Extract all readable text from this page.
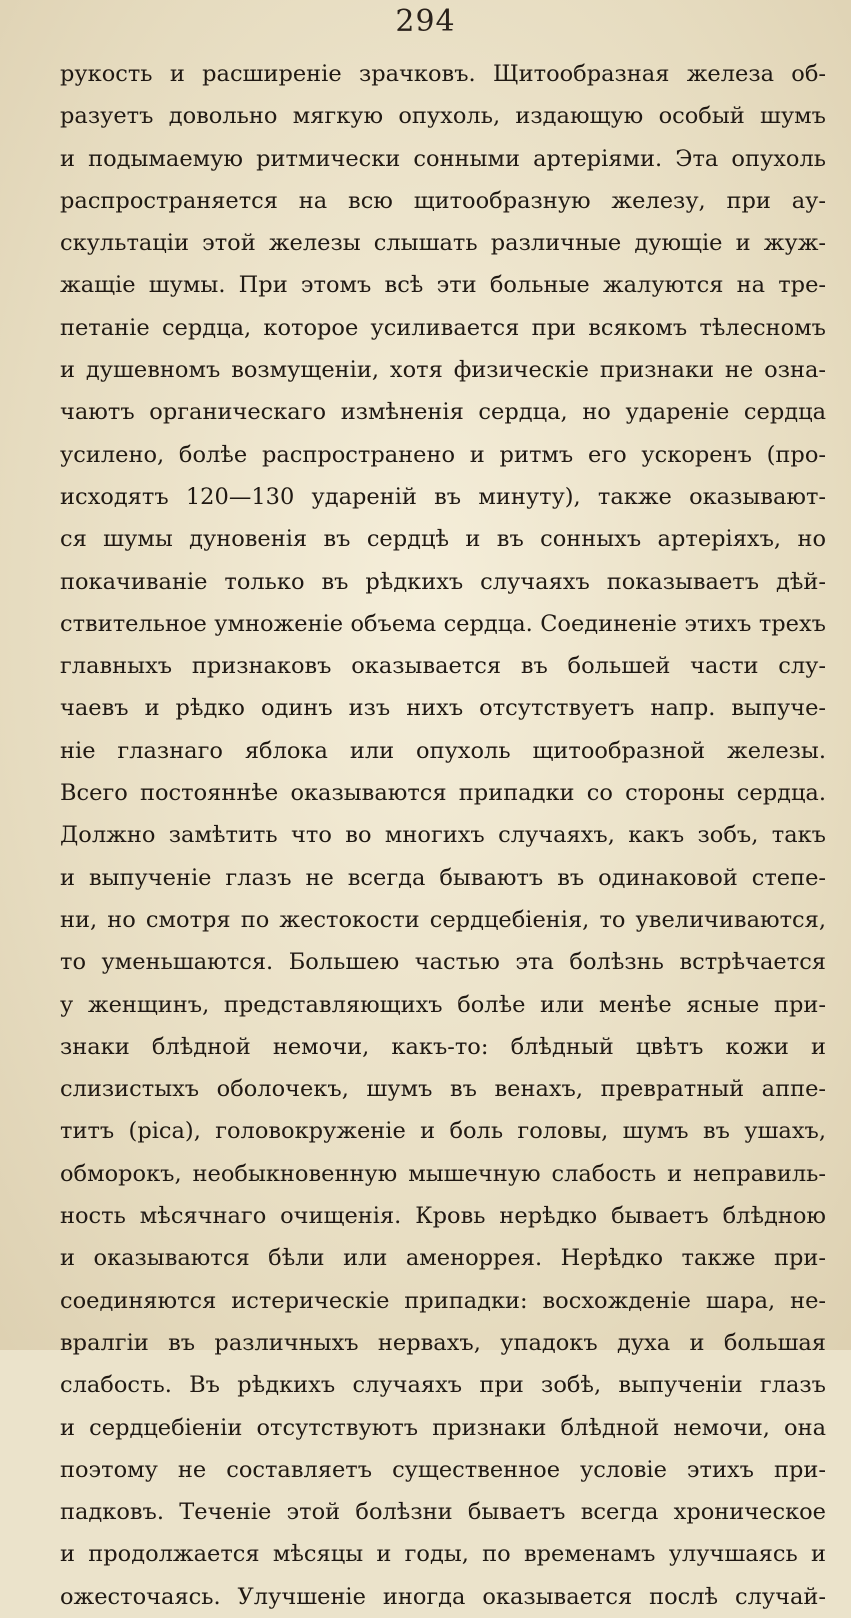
294
рукость и расширенiе зрачковъ. Щитообразная железа об-
разуетъ довольно мягкую опухоль, издающую особый шумъ
и подымаемую ритмически сонными артерiями. Эта опухоль
распространяется на всю щитообразную железу, при ау-
скультацiи этой железы слышать различные дующiе и жуж-
жащiе шумы. При этомъ всѣ эти больные жалуются на тре-
петанiе сердца, которое усиливается при всякомъ тѣлесномъ
и душевномъ возмущенiи, хотя физическiе признаки не озна-
чаютъ органическаго измѣненiя сердца, но ударенiе сердца
усилено, болѣе распространено и ритмъ его ускоренъ (про-
исходятъ 120—130 ударенiй въ минуту), также оказывают-
ся шумы дуновенiя въ сердцѣ и въ сонныхъ артерiяхъ, но
покачиванiе только въ рѣдкихъ случаяхъ показываетъ дѣй-
ствительное умноженiе объема сердца. Соединенiе этихъ трехъ
главныхъ признаковъ оказывается въ большей части слу-
чаевъ и рѣдко одинъ изъ нихъ отсутствуетъ напр. выпуче-
нiе глазнаго яблока или опухоль щитообразной железы.
Всего постояннѣе оказываются припадки со стороны сердца.
Должно замѣтить что во многихъ случаяхъ, какъ зобъ, такъ
и выпученiе глазъ не всегда бываютъ въ одинаковой степе-
ни, но смотря по жестокости сердцебiенiя, то увеличиваются,
то уменьшаются. Большею частью эта болѣзнь встрѣчается
у женщинъ, представляющихъ болѣе или менѣе ясные при-
знаки блѣдной немочи, какъ-то: блѣдный цвѣтъ кожи и
слизистыхъ оболочекъ, шумъ въ венахъ, превратный аппе-
титъ (pica), головокруженiе и боль головы, шумъ въ ушахъ,
обморокъ, необыкновенную мышечную слабость и неправиль-
ность мѣсячнаго очищенiя. Кровь нерѣдко бываетъ блѣдною
и оказываются бѣли или аменоррея. Нерѣдко также при-
соединяются истерическiе припадки: восхожденiе шара, не-
вралгiи въ различныхъ нервахъ, упадокъ духа и большая
слабость. Въ рѣдкихъ случаяхъ при зобѣ, выпученiи глазъ
и сердцебiенiи отсутствуютъ признаки блѣдной немочи, она
поэтому не составляетъ существенное условiе этихъ при-
падковъ. Теченiе этой болѣзни бываетъ всегда хроническое
и продолжается мѣсяцы и годы, по временамъ улучшаясь и
ожесточаясь. Улучшенiе иногда оказывается послѣ случай-
